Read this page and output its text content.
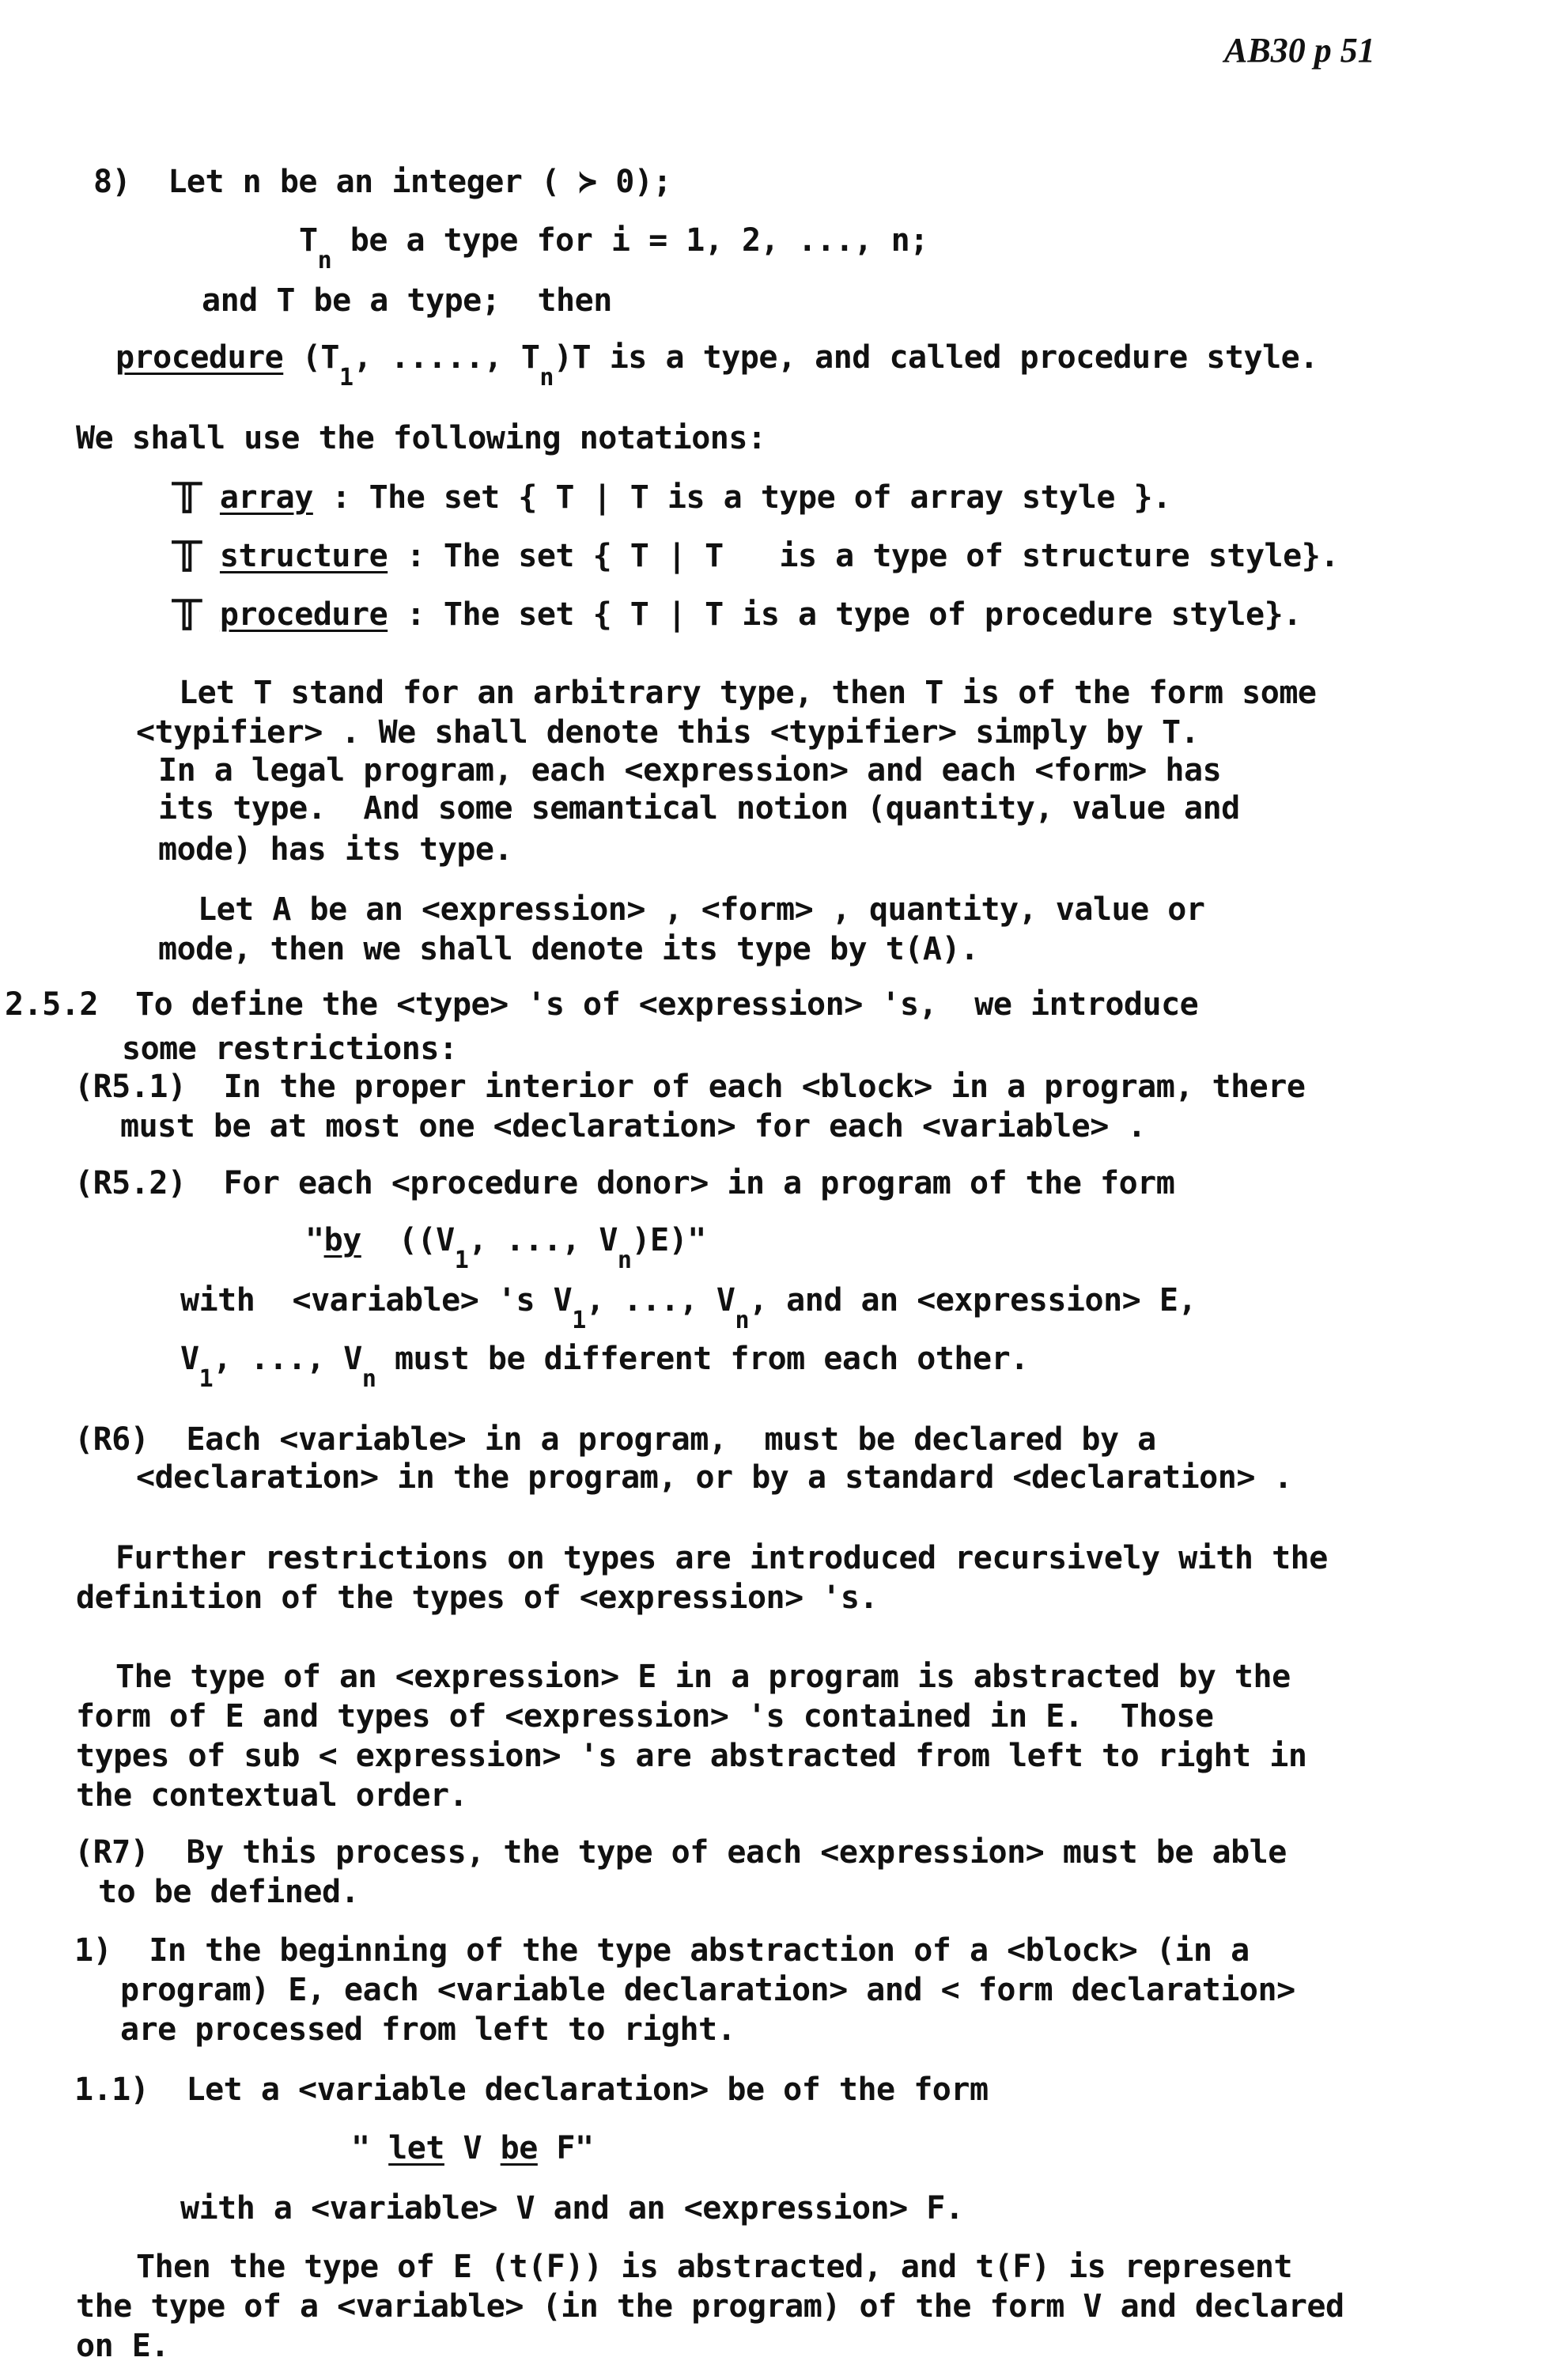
AB30 p 51
8)  Let n be an integer ( ≻ 0);
$T_n$ be a type for i = 1, 2, ..., n;
and T be a type;  then
procedure ($T_1$, ....., $T_n)T$ is a type, and called procedure style.
We shall use the following notations:
𝕋 array : The set { T | T is a type of array style }.
𝕋 structure : The set { T | T   is a type of structure style}.
𝕋 procedure : The set { T | T is a type of procedure style}.
Let T stand for an arbitrary type, then T is of the form some
<typifier> . We shall denote this <typifier> simply by T.
In a legal program, each <expression> and each <form> has
its type.  And some semantical notion (quantity, value and
mode) has its type.
Let A be an <expression> , <form> , quantity, value or
mode, then we shall denote its type by t(A).
2.5.2  To define the <type> 's of <expression> 's,  we introduce
some restrictions:
(R5.1)  In the proper interior of each <block> in a program, there
must be at most one <declaration> for each <variable> .
(R5.2)  For each <procedure donor> in a program of the form
"by  (($V_1$, ..., $V_n)E$)"
with  <variable> 's $V_1$, ..., $V_n$, and an <expression> E,
$V_1$, ..., $V_n$ must be different from each other.
(R6)  Each <variable> in a program,  must be declared by a
<declaration> in the program, or by a standard <declaration> .
Further restrictions on types are introduced recursively with the
definition of the types of <expression> 's.
The type of an <expression> E in a program is abstracted by the
form of E and types of <expression> 's contained in E.  Those
types of sub < expression> 's are abstracted from left to right in
the contextual order.
(R7)  By this process, the type of each <expression> must be able
to be defined.
1)  In the beginning of the type abstraction of a <block> (in a
program) E, each <variable declaration> and < form declaration>
are processed from left to right.
1.1)  Let a <variable declaration> be of the form
" let V be F"
with a <variable> V and an <expression> F.
Then the type of E (t(F)) is abstracted, and t(F) is represent
the type of a <variable> (in the program) of the form V and declared
on E.
